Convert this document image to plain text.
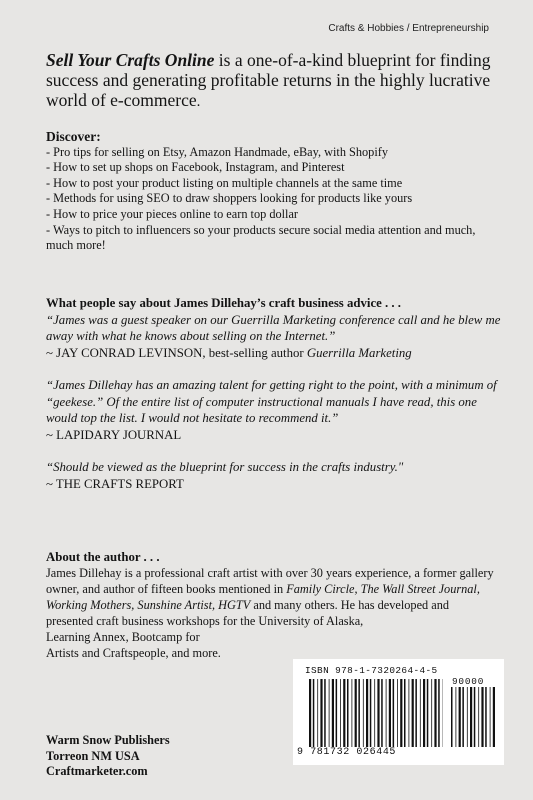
Crafts & Hobbies / Entrepreneurship
Sell Your Crafts Online is a one-of-a-kind blueprint for finding success and generating profitable returns in the highly lucrative world of e-commerce.
Discover:
- Pro tips for selling on Etsy, Amazon Handmade, eBay, with Shopify
- How to set up shops on Facebook, Instagram, and Pinterest
- How to post your product listing on multiple channels at the same time
- Methods for using SEO to draw shoppers looking for products like yours
- How to price your pieces online to earn top dollar
- Ways to pitch to influencers so your products secure social media attention and much, much more!
What people say about James Dillehay’s craft business advice . . .
“James was a guest speaker on our Guerrilla Marketing conference call and he blew me away with what he knows about selling on the Internet.”
~ JAY CONRAD LEVINSON, best-selling author Guerrilla Marketing
“James Dillehay has an amazing talent for getting right to the point, with a minimum of “geekese.” Of the entire list of computer instructional manuals I have read, this one would top the list. I would not hesitate to recommend it.”
~ LAPIDARY JOURNAL
“Should be viewed as the blueprint for success in the crafts industry."
~ THE CRAFTS REPORT
About the author . . .
James Dillehay is a professional craft artist with over 30 years experience, a former gallery owner, and author of fifteen books mentioned in Family Circle, The Wall Street Journal, Working Mothers, Sunshine Artist, HGTV and many others. He has developed and presented craft business workshops for the University of Alaska,
Learning Annex, Bootcamp for
Artists and Craftspeople, and more.
Warm Snow Publishers
Torreon NM USA
Craftmarketer.com
ISBN 978-1-7320264-4-5
90000
9 781732 026445
